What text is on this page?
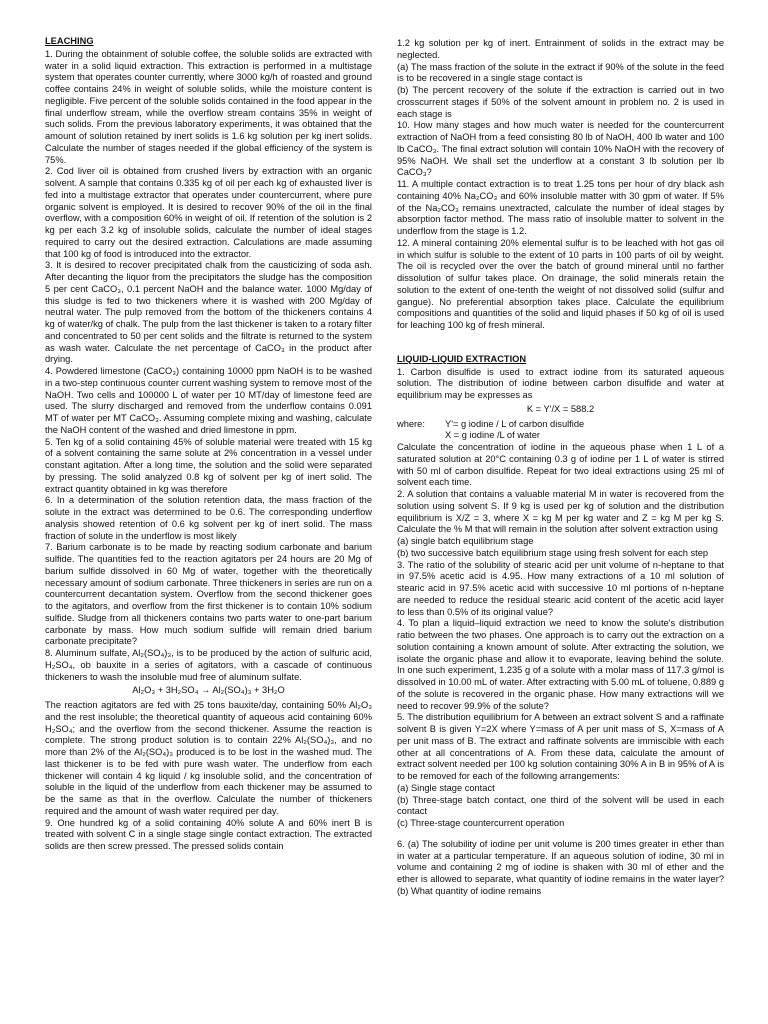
LEACHING

1. During the obtainment of soluble coffee, the soluble solids are extracted with water in a solid liquid extraction. This extraction is performed in a multistage system that operates counter currently, where 3000 kg/h of roasted and ground coffee contains 24% in weight of soluble solids, while the moisture content is negligible. Five percent of the soluble solids contained in the food appear in the final underflow stream, while the overflow stream contains 35% in weight of such solids. From the previous laboratory experiments, it was obtained that the amount of solution retained by inert solids is 1.6 kg solution per kg inert solids. Calculate the number of stages needed if the global efficiency of the system is 75%.

2. Cod liver oil is obtained from crushed livers by extraction with an organic solvent. A sample that contains 0.335 kg of oil per each kg of exhausted liver is fed into a multistage extractor that operates under countercurrent, where pure organic solvent is employed. It is desired to recover 90% of the oil in the final overflow, with a composition 60% in weight of oil. If retention of the solution is 2 kg per each 3.2 kg of insoluble solids, calculate the number of ideal stages required to carry out the desired extraction. Calculations are made assuming that 100 kg of food is introduced into the extractor.

3. It is desired to recover precipitated chalk from the causticizing of soda ash. After decanting the liquor from the precipitators the sludge has the composition 5 per cent CaCO₃, 0.1 percent NaOH and the balance water. 1000 Mg/day of this sludge is fed to two thickeners where it is washed with 200 Mg/day of neutral water. The pulp removed from the bottom of the thickeners contains 4 kg of water/kg of chalk. The pulp from the last thickener is taken to a rotary filter and concentrated to 50 per cent solids and the filtrate is returned to the system as wash water. Calculate the net percentage of CaCO₃ in the product after drying.

4. Powdered limestone (CaCO₃) containing 10000 ppm NaOH is to be washed in a two-step continuous counter current washing system to remove most of the NaOH. Two cells and 100000 L of water per 10 MT/day of limestone feed are used. The slurry discharged and removed from the underflow contains 0.091 MT of water per MT CaCO₃. Assuming complete mixing and washing, calculate the NaOH content of the washed and dried limestone in ppm.

5. Ten kg of a solid containing 45% of soluble material were treated with 15 kg of a solvent containing the same solute at 2% concentration in a vessel under constant agitation. After a long time, the solution and the solid were separated by pressing. The solid analyzed 0.8 kg of solvent per kg of inert solid. The extract quantity obtained in kg was therefore

6. In a determination of the solution retention data, the mass fraction of the solute in the extract was determined to be 0.6. The corresponding underflow analysis showed retention of 0.6 kg solvent per kg of inert solid. The mass fraction of solute in the underflow is most likely

7. Barium carbonate is to be made by reacting sodium carbonate and barium sulfide. The quantities fed to the reaction agitators per 24 hours are 20 Mg of barium sulfide dissolved in 60 Mg of water, together with the theoretically necessary amount of sodium carbonate. Three thickeners in series are run on a countercurrent decantation system. Overflow from the second thickener goes to the agitators, and overflow from the first thickener is to contain 10% sodium sulfide. Sludge from all thickeners contains two parts water to one-part barium carbonate by mass. How much sodium sulfide will remain dried barium carbonate precipitate?

8. Aluminum sulfate, Al₂(SO₄)₃, is to be produced by the action of sulfuric acid, H₂SO₄, ob bauxite in a series of agitators, with a cascade of continuous thickeners to wash the insoluble mud free of aluminum sulfate.

Al₂O₃ + 3H₂SO₄ → Al₂(SO₄)₃ + 3H₂O

The reaction agitators are fed with 25 tons bauxite/day, containing 50% Al₂O₃ and the rest insoluble; the theoretical quantity of aqueous acid containing 60% H₂SO₄; and the overflow from the second thickener. Assume the reaction is complete. The strong product solution is to contain 22% Al₂(SO₄)₃, and no more than 2% of the Al₂(SO₄)₃ produced is to be lost in the washed mud. The last thickener is to be fed with pure wash water. The underflow from each thickener will contain 4 kg liquid / kg insoluble solid, and the concentration of soluble in the liquid of the underflow from each thickener may be assumed to be the same as that in the overflow. Calculate the number of thickeners required and the amount of wash water required per day.

9. One hundred kg of a solid containing 40% solute A and 60% inert B is treated with solvent C in a single stage single contact extraction. The extracted solids are then screw pressed. The pressed solids contain

1.2 kg solution per kg of inert. Entrainment of solids in the extract may be neglected.

(a) The mass fraction of the solute in the extract if 90% of the solute in the feed is to be recovered in a single stage contact is

(b) The percent recovery of the solute if the extraction is carried out in two crosscurrent stages if 50% of the solvent amount in problem no. 2 is used in each stage is

10. How many stages and how much water is needed for the countercurrent extraction of NaOH from a feed consisting 80 lb of NaOH, 400 lb water and 100 lb CaCO₃. The final extract solution will contain 10% NaOH with the recovery of 95% NaOH. We shall set the underflow at a constant 3 lb solution per lb CaCO₃?

11. A multiple contact extraction is to treat 1.25 tons per hour of dry black ash containing 40% Na₂CO₃ and 60% insoluble matter with 30 gpm of water. If 5% of the Na₂CO₃ remains unextracted, calculate the number of ideal stages by absorption factor method. The mass ratio of insoluble matter to solvent in the underflow from the stage is 1.2.

12. A mineral containing 20% elemental sulfur is to be leached with hot gas oil in which sulfur is soluble to the extent of 10 parts in 100 parts of oil by weight. The oil is recycled over the over the batch of ground mineral until no farther dissolution of sulfur takes place. On drainage, the solid minerals retain the solution to the extent of one-tenth the weight of not dissolved solid (sulfur and gangue). No preferential absorption takes place. Calculate the equilibrium compositions and quantities of the solid and liquid phases if 50 kg of oil is used for leaching 100 kg of fresh mineral.

LIQUID-LIQUID EXTRACTION

1. Carbon disulfide is used to extract iodine from its saturated aqueous solution. The distribution of iodine between carbon disulfide and water at equilibrium may be expresses as

K = Y'/X = 588.2

where:	Y'= g iodine / L of carbon disulfide
X = g iodine /L of water

Calculate the concentration of iodine in the aqueous phase when 1 L of a saturated solution at 20°C containing 0.3 g of iodine per 1 L of water is stirred with 50 ml of carbon disulfide. Repeat for two ideal extractions using 25 ml of solvent each time.

2. A solution that contains a valuable material M in water is recovered from the solution using solvent S. If 9 kg is used per kg of solution and the distribution equilibrium is X/Z = 3, where X = kg M per kg water and Z = kg M per kg S. Calculate the % M that will remain in the solution after solvent extraction using

(a) single batch equilibrium stage

(b) two successive batch equilibrium stage using fresh solvent for each step

3. The ratio of the solubility of stearic acid per unit volume of n-heptane to that in 97.5% acetic acid is 4.95. How many extractions of a 10 ml solution of stearic acid in 97.5% acetic acid with successive 10 ml portions of n-heptane are needed to reduce the residual stearic acid content of the acetic acid layer to less than 0.5% of its original value?

4. To plan a liquid–liquid extraction we need to know the solute's distribution ratio between the two phases. One approach is to carry out the extraction on a solution containing a known amount of solute. After extracting the solution, we isolate the organic phase and allow it to evaporate, leaving behind the solute. In one such experiment, 1.235 g of a solute with a molar mass of 117.3 g/mol is dissolved in 10.00 mL of water. After extracting with 5.00 mL of toluene, 0.889 g of the solute is recovered in the organic phase. How many extractions will we need to recover 99.9% of the solute?

5. The distribution equilibrium for A between an extract solvent S and a raffinate solvent B is given Y=2X where Y=mass of A per unit mass of S, X=mass of A per unit mass of B. The extract and raffinate solvents are immiscible with each other at all concentrations of A. From these data, calculate the amount of extract solvent needed per 100 kg solution containing 30% A in B in 95% of A is to be removed for each of the following arrangements:

(a) Single stage contact

(b) Three-stage batch contact, one third of the solvent will be used in each contact

(c) Three-stage countercurrent operation

6. (a) The solubility of iodine per unit volume is 200 times greater in ether than in water at a particular temperature. If an aqueous solution of iodine, 30 ml in volume and containing 2 mg of iodine is shaken with 30 ml of ether and the ether is allowed to separate, what quantity of iodine remains in the water layer? (b) What quantity of iodine remains
